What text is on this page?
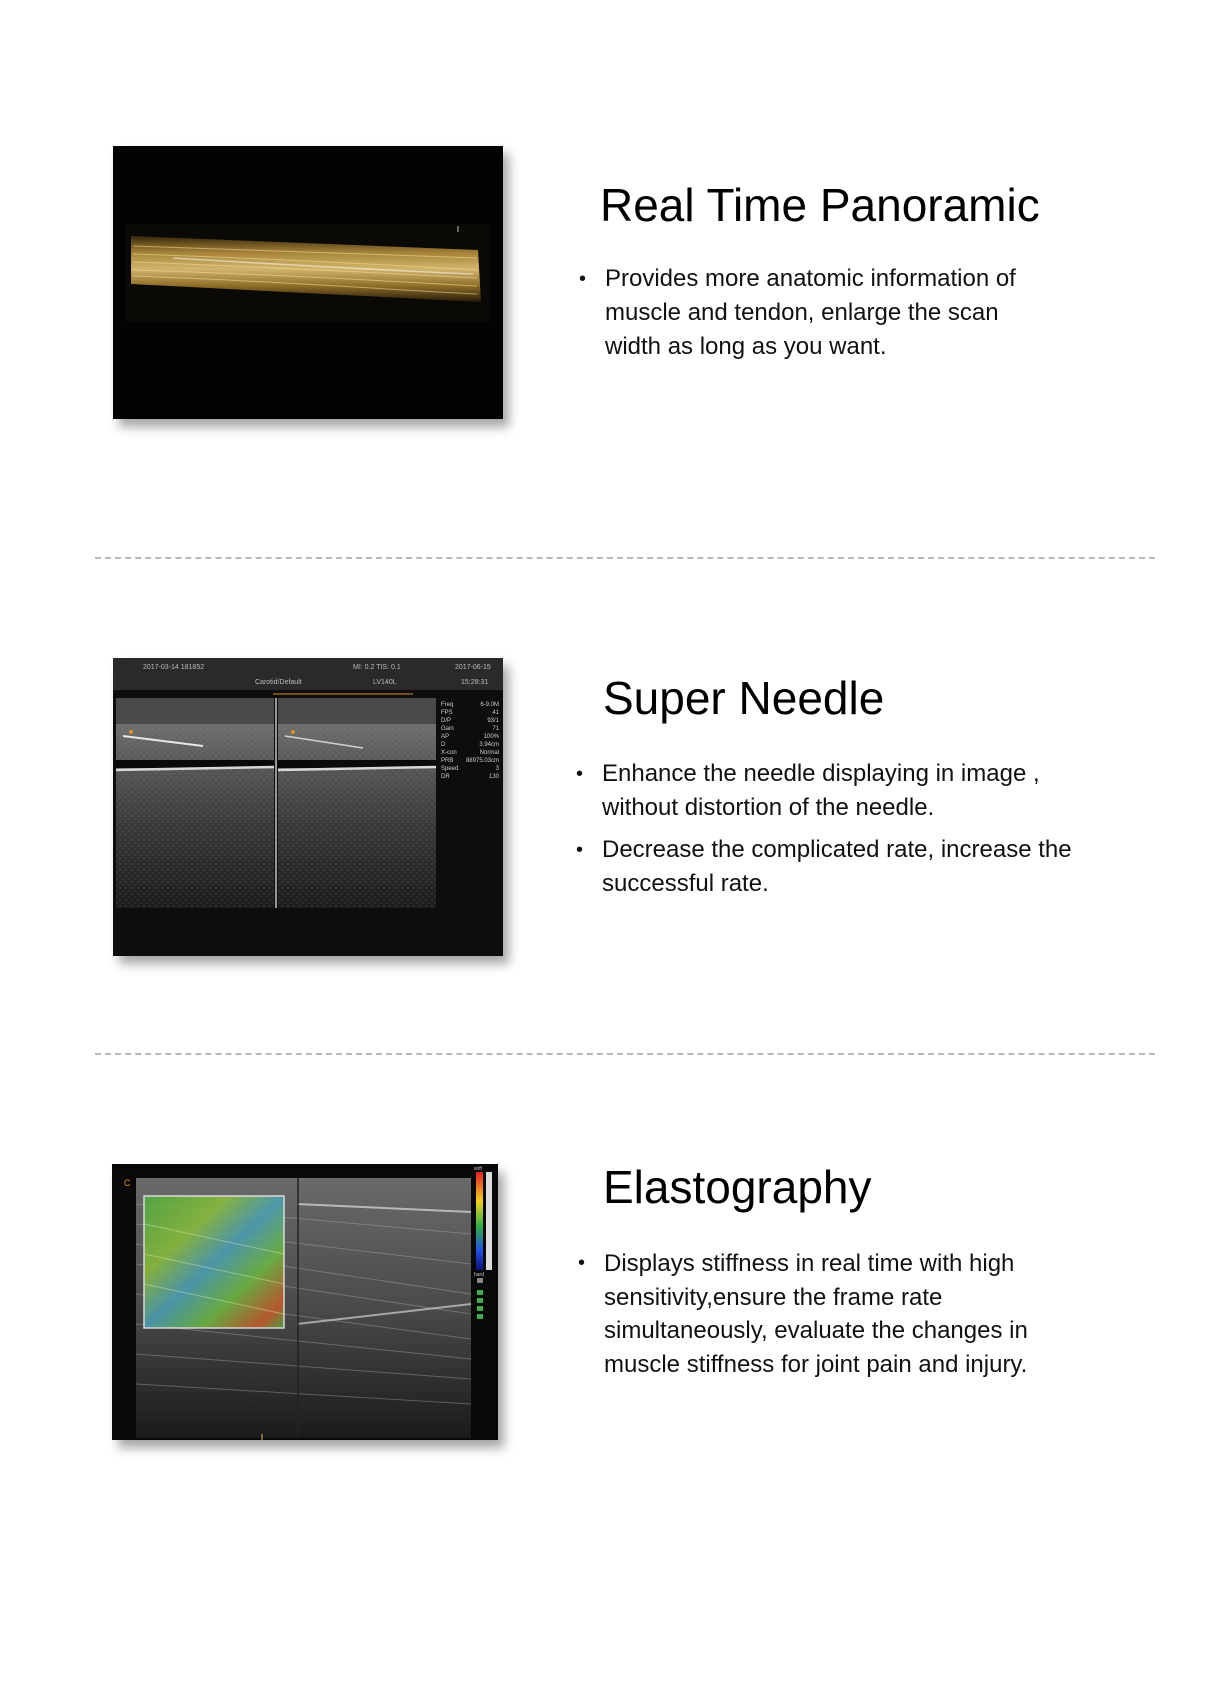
Real Time Panoramic
• Provides more anatomic information of muscle and tendon, enlarge the scan width as long as you want.
2017-03-14 181852	MI: 0.2 TIS: 0.1	2017-06-15
Carotid/Default	LV140L	15:28:31
Freq	6-9.0M
FPS	41
D/P	93/1
Gain	71
AP	100%
D	3.94cm
X-con	Normal
PRB 88975.03cm
Speed	3
DR	130
Super Needle
• Enhance the needle displaying in image , without distortion of the needle.
• Decrease the complicated rate, increase the successful rate.
C
soft
hard
Elastography
• Displays stiffness in real time with high sensitivity,ensure the frame rate simultaneously, evaluate the changes in muscle stiffness for joint pain and injury.
